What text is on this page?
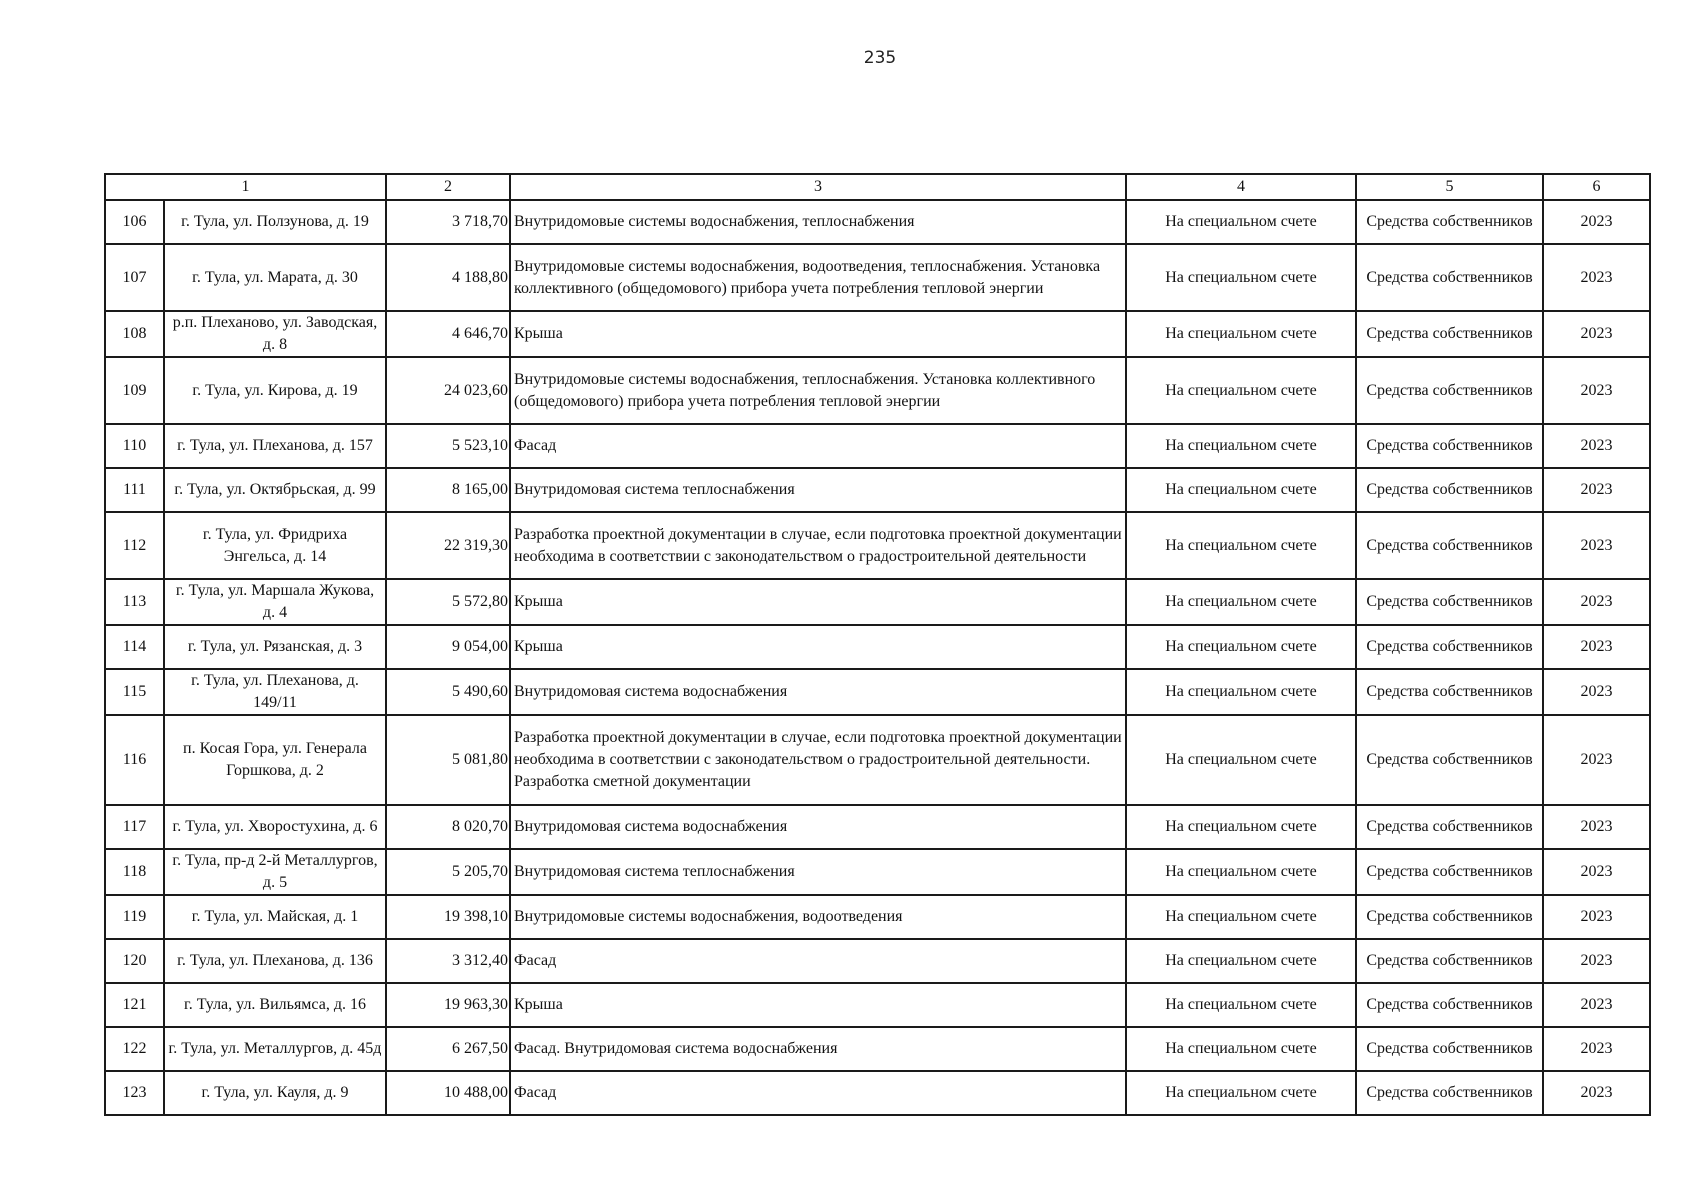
235
1		2	3	4	5	6
106	г. Тула, ул. Ползунова, д. 19	3 718,70	Внутридомовые системы водоснабжения, теплоснабжения	На специальном счете	Средства собственников	2023
107	г. Тула, ул. Марата, д. 30	4 188,80	Внутридомовые системы водоснабжения, водоотведения, теплоснабжения. Установка коллективного (общедомового) прибора учета потребления тепловой энергии	На специальном счете	Средства собственников	2023
108	р.п. Плеханово, ул. Заводская, д. 8	4 646,70	Крыша	На специальном счете	Средства собственников	2023
109	г. Тула, ул. Кирова, д. 19	24 023,60	Внутридомовые системы водоснабжения, теплоснабжения. Установка коллективного (общедомового) прибора учета потребления тепловой энергии	На специальном счете	Средства собственников	2023
110	г. Тула, ул. Плеханова, д. 157	5 523,10	Фасад	На специальном счете	Средства собственников	2023
111	г. Тула, ул. Октябрьская, д. 99	8 165,00	Внутридомовая система теплоснабжения	На специальном счете	Средства собственников	2023
112	г. Тула, ул. Фридриха Энгельса, д. 14	22 319,30	Разработка проектной документации в случае, если подготовка проектной документации необходима в соответствии с законодательством о градостроительной деятельности	На специальном счете	Средства собственников	2023
113	г. Тула, ул. Маршала Жукова, д. 4	5 572,80	Крыша	На специальном счете	Средства собственников	2023
114	г. Тула, ул. Рязанская, д. 3	9 054,00	Крыша	На специальном счете	Средства собственников	2023
115	г. Тула, ул. Плеханова, д. 149/11	5 490,60	Внутридомовая система водоснабжения	На специальном счете	Средства собственников	2023
116	п. Косая Гора, ул. Генерала Горшкова, д. 2	5 081,80	Разработка проектной документации в случае, если подготовка проектной документации необходима в соответствии с законодательством о градостроительной деятельности. Разработка сметной документации	На специальном счете	Средства собственников	2023
117	г. Тула, ул. Хворостухина, д. 6	8 020,70	Внутридомовая система водоснабжения	На специальном счете	Средства собственников	2023
118	г. Тула, пр-д 2-й Металлургов, д. 5	5 205,70	Внутридомовая система теплоснабжения	На специальном счете	Средства собственников	2023
119	г. Тула, ул. Майская, д. 1	19 398,10	Внутридомовые системы водоснабжения, водоотведения	На специальном счете	Средства собственников	2023
120	г. Тула, ул. Плеханова, д. 136	3 312,40	Фасад	На специальном счете	Средства собственников	2023
121	г. Тула, ул. Вильямса, д. 16	19 963,30	Крыша	На специальном счете	Средства собственников	2023
122	г. Тула, ул. Металлургов, д. 45д	6 267,50	Фасад. Внутридомовая система водоснабжения	На специальном счете	Средства собственников	2023
123	г. Тула, ул. Кауля, д. 9	10 488,00	Фасад	На специальном счете	Средства собственников	2023
